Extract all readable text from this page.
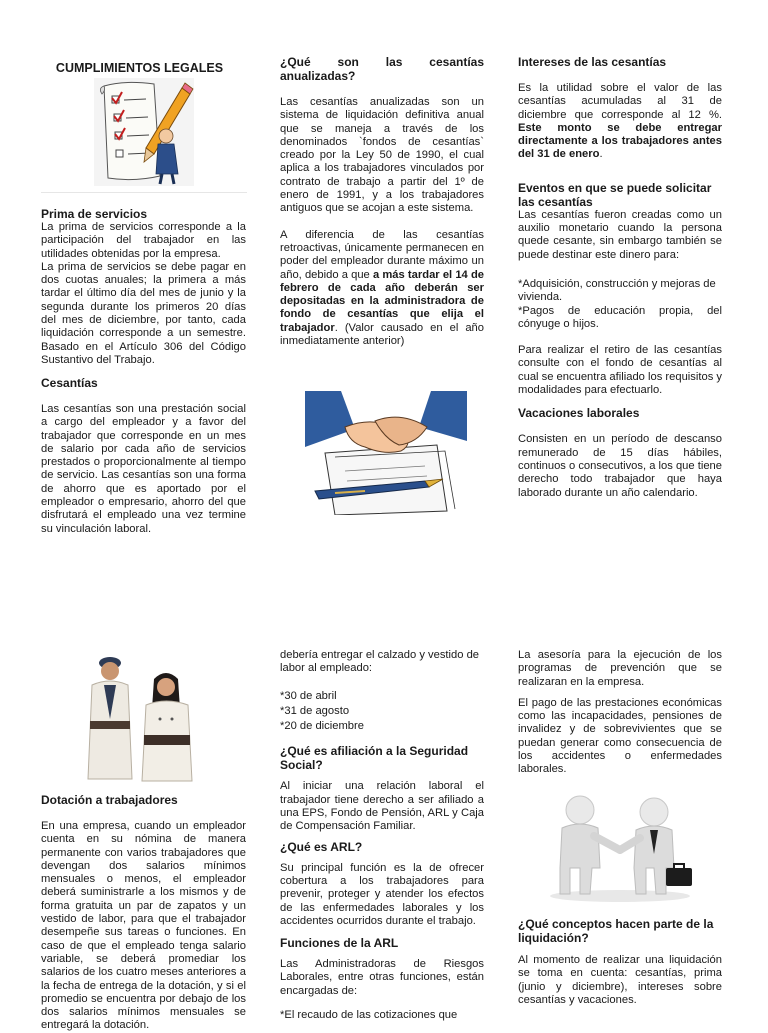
CUMPLIMIENTOS LEGALES
Prima de servicios

La prima de servicios corresponde a la participación del trabajador en las utilidades obtenidas por la empresa.

La prima de servicios se debe pagar en dos cuotas anuales; la primera a más tardar el último día del mes de junio y la segunda durante los primeros 20 días del mes de diciembre, por tanto, cada liquidación corresponde a un semestre. Basado en el Artículo 306 del Código Sustantivo del Trabajo.

Cesantías

Las cesantías son una prestación social a cargo del empleador y a favor del trabajador que corresponde en un mes de salario por cada año de servicios prestados o proporcionalmente al tiempo de servicio. Las cesantías son una forma de ahorro que es aportado por el empleador o empresario, ahorro del que disfrutará el empleado una vez termine su vinculación laboral.

¿Qué son las cesantías anualizadas?

Las cesantías anualizadas son un sistema de liquidación definitiva anual que se maneja a través de los denominados `fondos de cesantías` creado por la Ley 50 de 1990, el cual aplica a los trabajadores vinculados por contrato de trabajo a partir del 1º de enero de 1991, y a los trabajadores antiguos que se acojan a este sistema.

A diferencia de las cesantías retroactivas, únicamente permanecen en poder del empleador durante máximo un año, debido a que a más tardar el 14 de febrero de cada año deberán ser depositadas en la administradora de fondo de cesantías que elija el trabajador. (Valor causado en el año inmediatamente anterior)

Intereses de las cesantías

Es la utilidad sobre el valor de las cesantías acumuladas al 31 de diciembre que corresponde al 12 %. Este monto se debe entregar directamente a los trabajadores antes del 31 de enero.

Eventos en que se puede solicitar las cesantías

Las cesantías fueron creadas como un auxilio monetario cuando la persona quede cesante, sin embargo también se puede destinar este dinero para:

*Adquisición, construcción y mejoras de vivienda.

*Pagos de educación propia, del cónyuge o hijos.

Para realizar el retiro de las cesantías consulte con el fondo de cesantías al cual se encuentra afiliado los requisitos y modalidades para efectuarlo.

Vacaciones laborales

Consisten en un período de descanso remunerado de 15 días hábiles, continuos o consecutivos, a los que tiene derecho todo trabajador que haya laborado durante un año calendario.

Dotación a trabajadores

En una empresa, cuando un empleador cuenta en su nómina de manera permanente con varios trabajadores que devengan dos salarios mínimos mensuales o menos, el empleador deberá suministrarle a los mismos y de forma gratuita un par de zapatos y un vestido de labor, para que el trabajador desempeñe sus tareas o funciones. En caso de que el empleado tenga salario variable, se deberá promediar los salarios de los cuatro meses anteriores a la fecha de entrega de la dotación, y si el promedio se encuentra por debajo de los dos salarios mínimos mensuales se entregará la dotación.

debería entregar el calzado y vestido de labor al empleado:

*30 de abril

*31 de agosto

*20 de diciembre

¿Qué es afiliación a la Seguridad Social?

Al iniciar una relación laboral el trabajador tiene derecho a ser afiliado a una EPS, Fondo de Pensión, ARL y Caja de Compensación Familiar.

¿Qué es ARL?

Su principal función es la de ofrecer cobertura a los trabajadores para prevenir, proteger y atender los efectos de las enfermedades laborales y los accidentes ocurridos durante el trabajo.

Funciones de la ARL

Las Administradoras de Riesgos Laborales, entre otras funciones, están encargadas de:

*El recaudo de las cotizaciones que

La asesoría para la ejecución de los programas de prevención que se realizaran en la empresa.

El pago de las prestaciones económicas como las incapacidades, pensiones de invalidez y de sobrevivientes que se puedan generar como consecuencia de los accidentes o enfermedades laborales.

¿Qué conceptos hacen parte de la liquidación?

Al momento de realizar una liquidación se toma en cuenta: cesantías, prima (junio y diciembre), intereses sobre cesantías y vacaciones.
